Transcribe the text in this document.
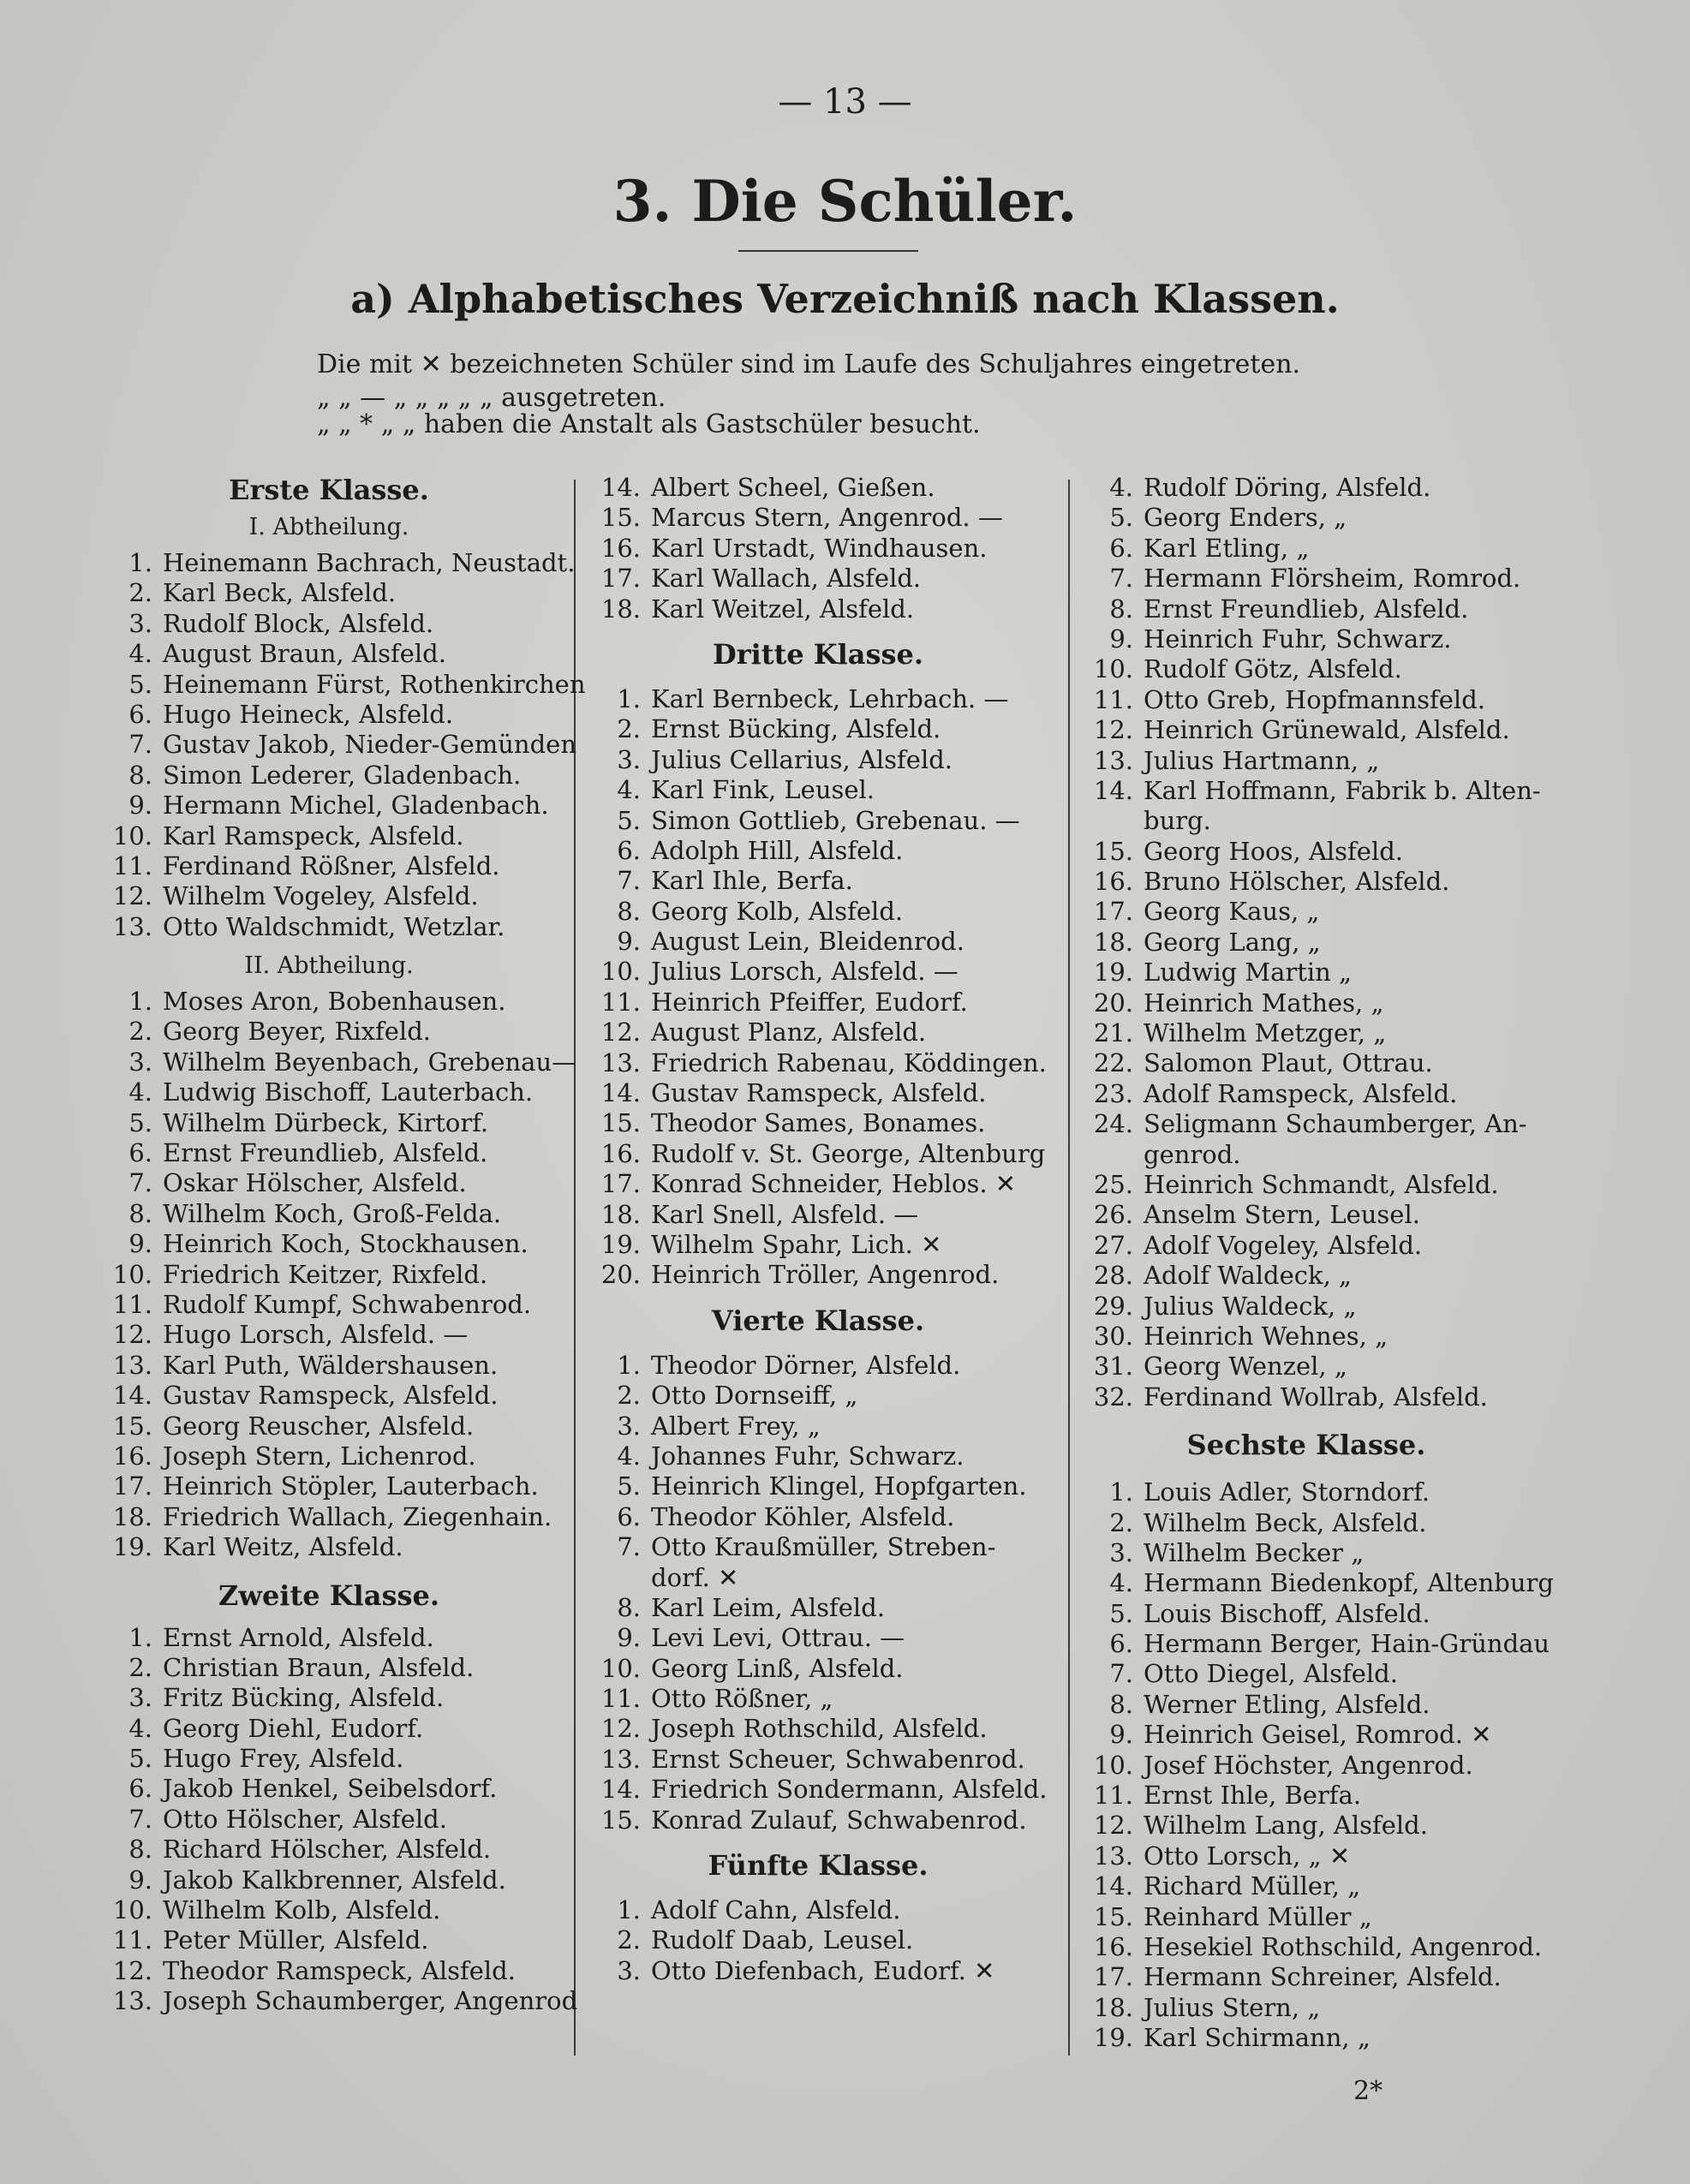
— 13 —
3. Die Schüler.
a) Alphabetisches Verzeichniß nach Klassen.
Die mit ✕ bezeichneten Schüler sind im Laufe des Schuljahres eingetreten.
„ „ — „ „ „ „ „ ausgetreten.
„ „ * „ „ haben die Anstalt als Gastschüler besucht.
Erste Klasse.
I. Abtheilung.
1. Heinemann Bachrach, Neustadt.
2. Karl Beck, Alsfeld.
3. Rudolf Block, Alsfeld.
4. August Braun, Alsfeld.
5. Heinemann Fürst, Rothenkirchen
6. Hugo Heineck, Alsfeld.
7. Gustav Jakob, Nieder-Gemünden
8. Simon Lederer, Gladenbach.
9. Hermann Michel, Gladenbach.
10. Karl Ramspeck, Alsfeld.
11. Ferdinand Rößner, Alsfeld.
12. Wilhelm Vogeley, Alsfeld.
13. Otto Waldschmidt, Wetzlar.
II. Abtheilung.
1. Moses Aron, Bobenhausen.
2. Georg Beyer, Rixfeld.
3. Wilhelm Beyenbach, Grebenau—
4. Ludwig Bischoff, Lauterbach.
5. Wilhelm Dürbeck, Kirtorf.
6. Ernst Freundlieb, Alsfeld.
7. Oskar Hölscher, Alsfeld.
8. Wilhelm Koch, Groß-Felda.
9. Heinrich Koch, Stockhausen.
10. Friedrich Keitzer, Rixfeld.
11. Rudolf Kumpf, Schwabenrod.
12. Hugo Lorsch, Alsfeld. —
13. Karl Puth, Wäldershausen.
14. Gustav Ramspeck, Alsfeld.
15. Georg Reuscher, Alsfeld.
16. Joseph Stern, Lichenrod.
17. Heinrich Stöpler, Lauterbach.
18. Friedrich Wallach, Ziegenhain.
19. Karl Weitz, Alsfeld.
Zweite Klasse.
1. Ernst Arnold, Alsfeld.
2. Christian Braun, Alsfeld.
3. Fritz Bücking, Alsfeld.
4. Georg Diehl, Eudorf.
5. Hugo Frey, Alsfeld.
6. Jakob Henkel, Seibelsdorf.
7. Otto Hölscher, Alsfeld.
8. Richard Hölscher, Alsfeld.
9. Jakob Kalkbrenner, Alsfeld.
10. Wilhelm Kolb, Alsfeld.
11. Peter Müller, Alsfeld.
12. Theodor Ramspeck, Alsfeld.
13. Joseph Schaumberger, Angenrod
14. Albert Scheel, Gießen.
15. Marcus Stern, Angenrod. —
16. Karl Urstadt, Windhausen.
17. Karl Wallach, Alsfeld.
18. Karl Weitzel, Alsfeld.
Dritte Klasse.
1. Karl Bernbeck, Lehrbach. —
2. Ernst Bücking, Alsfeld.
3. Julius Cellarius, Alsfeld.
4. Karl Fink, Leusel.
5. Simon Gottlieb, Grebenau. —
6. Adolph Hill, Alsfeld.
7. Karl Ihle, Berfa.
8. Georg Kolb, Alsfeld.
9. August Lein, Bleidenrod.
10. Julius Lorsch, Alsfeld. —
11. Heinrich Pfeiffer, Eudorf.
12. August Planz, Alsfeld.
13. Friedrich Rabenau, Köddingen.
14. Gustav Ramspeck, Alsfeld.
15. Theodor Sames, Bonames.
16. Rudolf v. St. George, Altenburg
17. Konrad Schneider, Heblos. ✕
18. Karl Snell, Alsfeld. —
19. Wilhelm Spahr, Lich. ✕
20. Heinrich Tröller, Angenrod.
Vierte Klasse.
1. Theodor Dörner, Alsfeld.
2. Otto Dornseiff, „
3. Albert Frey, „
4. Johannes Fuhr, Schwarz.
5. Heinrich Klingel, Hopfgarten.
6. Theodor Köhler, Alsfeld.
7. Otto Kraußmüller, Streben-
dorf. ✕
8. Karl Leim, Alsfeld.
9. Levi Levi, Ottrau. —
10. Georg Linß, Alsfeld.
11. Otto Rößner, „
12. Joseph Rothschild, Alsfeld.
13. Ernst Scheuer, Schwabenrod.
14. Friedrich Sondermann, Alsfeld.
15. Konrad Zulauf, Schwabenrod.
Fünfte Klasse.
1. Adolf Cahn, Alsfeld.
2. Rudolf Daab, Leusel.
3. Otto Diefenbach, Eudorf. ✕
4. Rudolf Döring, Alsfeld.
5. Georg Enders, „
6. Karl Etling, „
7. Hermann Flörsheim, Romrod.
8. Ernst Freundlieb, Alsfeld.
9. Heinrich Fuhr, Schwarz.
10. Rudolf Götz, Alsfeld.
11. Otto Greb, Hopfmannsfeld.
12. Heinrich Grünewald, Alsfeld.
13. Julius Hartmann, „
14. Karl Hoffmann, Fabrik b. Alten-
burg.
15. Georg Hoos, Alsfeld.
16. Bruno Hölscher, Alsfeld.
17. Georg Kaus, „
18. Georg Lang, „
19. Ludwig Martin „
20. Heinrich Mathes, „
21. Wilhelm Metzger, „
22. Salomon Plaut, Ottrau.
23. Adolf Ramspeck, Alsfeld.
24. Seligmann Schaumberger, An-
genrod.
25. Heinrich Schmandt, Alsfeld.
26. Anselm Stern, Leusel.
27. Adolf Vogeley, Alsfeld.
28. Adolf Waldeck, „
29. Julius Waldeck, „
30. Heinrich Wehnes, „
31. Georg Wenzel, „
32. Ferdinand Wollrab, Alsfeld.
Sechste Klasse.
1. Louis Adler, Storndorf.
2. Wilhelm Beck, Alsfeld.
3. Wilhelm Becker „
4. Hermann Biedenkopf, Altenburg
5. Louis Bischoff, Alsfeld.
6. Hermann Berger, Hain-Gründau
7. Otto Diegel, Alsfeld.
8. Werner Etling, Alsfeld.
9. Heinrich Geisel, Romrod. ✕
10. Josef Höchster, Angenrod.
11. Ernst Ihle, Berfa.
12. Wilhelm Lang, Alsfeld.
13. Otto Lorsch, „ ✕
14. Richard Müller, „
15. Reinhard Müller „
16. Hesekiel Rothschild, Angenrod.
17. Hermann Schreiner, Alsfeld.
18. Julius Stern, „
19. Karl Schirmann, „
2*
